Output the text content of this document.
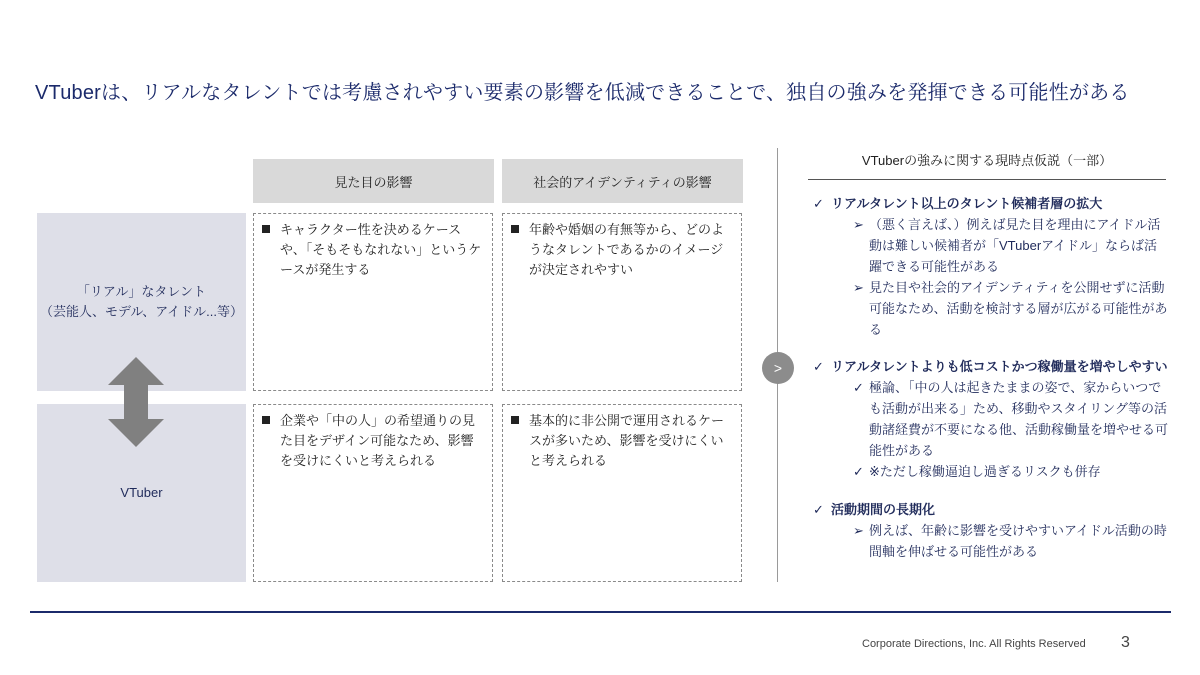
VTuberは、リアルなタレントでは考慮されやすい要素の影響を低減できることで、独自の強みを発揮できる可能性がある
見た目の影響	社会的アイデンティティの影響
「リアル」なタレント
（芸能人、モデル、アイドル...等）
VTuber
キャラクター性を決めるケースや、「そもそもなれない」というケースが発生する
年齢や婚姻の有無等から、どのようなタレントであるかのイメージが決定されやすい
企業や「中の人」の希望通りの見た目をデザイン可能なため、影響を受けにくいと考えられる
基本的に非公開で運用されるケースが多いため、影響を受けにくいと考えられる
>
VTuberの強みに関する現時点仮説（一部）
✓ リアルタレント以上のタレント候補者層の拡大
➢ （悪く言えば、）例えば見た目を理由にアイドル活動は難しい候補者が「VTuberアイドル」ならば活躍できる可能性がある
➢ 見た目や社会的アイデンティティを公開せずに活動可能なため、活動を検討する層が広がる可能性がある
✓ リアルタレントよりも低コストかつ稼働量を増やしやすい
✓ 極論、「中の人は起きたままの姿で、家からいつでも活動が出来る」ため、移動やスタイリング等の活動諸経費が不要になる他、活動稼働量を増やせる可能性がある
✓ ※ただし稼働逼迫し過ぎるリスクも併存
✓ 活動期間の長期化
➢ 例えば、年齢に影響を受けやすいアイドル活動の時間軸を伸ばせる可能性がある
Corporate Directions, Inc. All Rights Reserved 3
